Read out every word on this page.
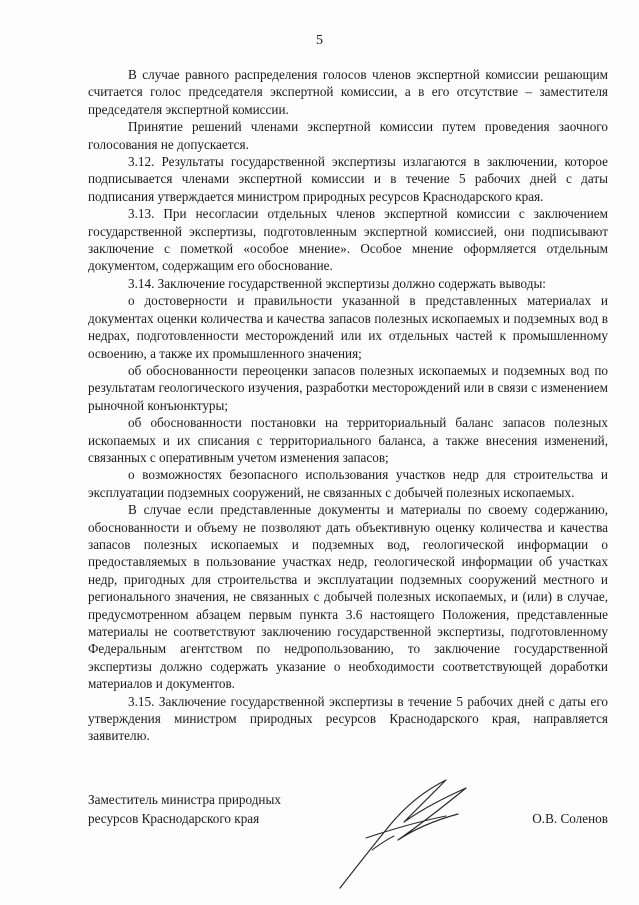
5

В случае равного распределения голосов членов экспертной комиссии решающим считается голос председателя экспертной комиссии, а в его отсутствие – заместителя председателя экспертной комиссии.

Принятие решений членами экспертной комиссии путем проведения заочного голосования не допускается.

3.12. Результаты государственной экспертизы излагаются в заключении, которое подписывается членами экспертной комиссии и в течение 5 рабочих дней с даты подписания утверждается министром природных ресурсов Краснодарского края.

3.13. При несогласии отдельных членов экспертной комиссии с заключением государственной экспертизы, подготовленным экспертной комиссией, они подписывают заключение с пометкой «особое мнение». Особое мнение оформляется отдельным документом, содержащим его обоснование.

3.14. Заключение государственной экспертизы должно содержать выводы:

о достоверности и правильности указанной в представленных материалах и документах оценки количества и качества запасов полезных ископаемых и подземных вод в недрах, подготовленности месторождений или их отдельных частей к промышленному освоению, а также их промышленного значения;

об обоснованности переоценки запасов полезных ископаемых и подземных вод по результатам геологического изучения, разработки месторождений или в связи с изменением рыночной конъюнктуры;

об обоснованности постановки на территориальный баланс запасов полезных ископаемых и их списания с территориального баланса, а также внесения изменений, связанных с оперативным учетом изменения запасов;

о возможностях безопасного использования участков недр для строительства и эксплуатации подземных сооружений, не связанных с добычей полезных ископаемых.

В случае если представленные документы и материалы по своему содержанию, обоснованности и объему не позволяют дать объективную оценку количества и качества запасов полезных ископаемых и подземных вод, геологической информации о предоставляемых в пользование участках недр, геологической информации об участках недр, пригодных для строительства и эксплуатации подземных сооружений местного и регионального значения, не связанных с добычей полезных ископаемых, и (или) в случае, предусмотренном абзацем первым пункта 3.6 настоящего Положения, представленные материалы не соответствуют заключению государственной экспертизы, подготовленному Федеральным агентством по недропользованию, то заключение государственной экспертизы должно содержать указание о необходимости соответствующей доработки материалов и документов.

3.15. Заключение государственной экспертизы в течение 5 рабочих дней с даты его утверждения министром природных ресурсов Краснодарского края, направляется заявителю.

Заместитель министра природных
ресурсов Краснодарского края	О.В. Соленов
